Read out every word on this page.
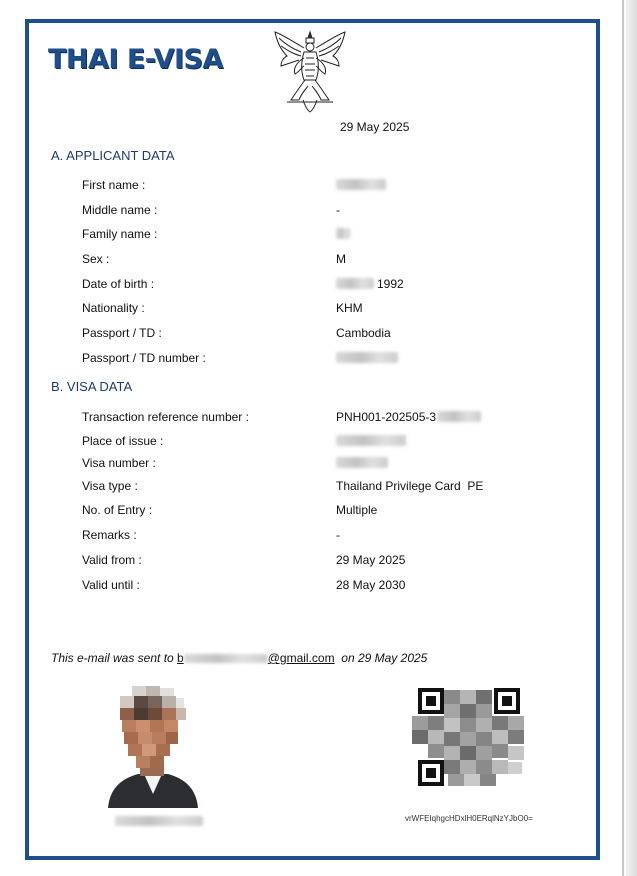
THAI E-VISA
29 May 2025
A. APPLICANT DATA
First name :
Middle name :	-
Family name :
Sex :	M
Date of birth :	1992
Nationality :	KHM
Passport / TD :	Cambodia
Passport / TD number :
B. VISA DATA
Transaction reference number :	PNH001-202505-3
Place of issue :
Visa number :
Visa type :	Thailand Privilege Card  PE
No. of Entry :	Multiple
Remarks :	-
Valid from :	29 May 2025
Valid until :	28 May 2030
This e-mail was sent to b	@gmail.com  on 29 May 2025
vrWFEIqhgcHDxlH0ERqlNzYJbO0=
